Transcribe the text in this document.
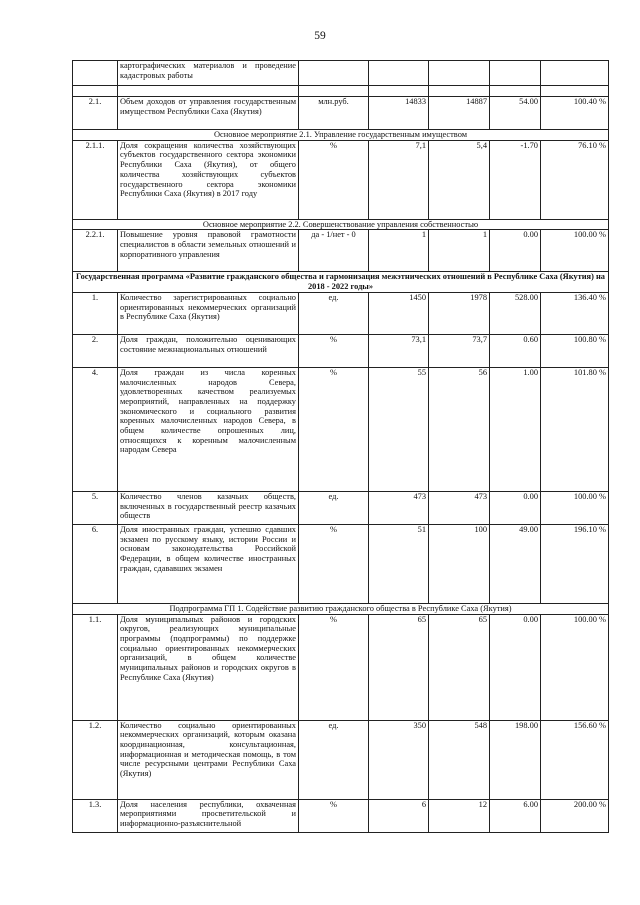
59
	картографических материалов и проведение кадастровых работы					

2.1.	Объем доходов от управления государственным имуществом Республики Саха (Якутия)	млн.руб.	14833	14887	54.00	100.40 %
Основное мероприятие 2.1. Управление государственным имуществом						
2.1.1.	Доля сокращения количества хозяйствующих субъектов государственного сектора экономики Республики Саха (Якутия), от общего количества хозяйствующих субъектов государственного сектора экономики Республики Саха (Якутия) в 2017 году	%	7,1	5,4	-1.70	76.10 %
Основное мероприятие 2.2. Совершенствование управления собственностью						
2.2.1.	Повышение уровня правовой грамотности специалистов в области земельных отношений и корпоративного управления	да - 1/нет - 0	1	1	0.00	100.00 %
Государственная программа «Развитие гражданского общества и гармонизация межэтнических отношений в Республике Саха (Якутия) на 2018 - 2022 годы»						
1.	Количество зарегистрированных социально ориентированных некоммерческих организаций в Республике Саха (Якутия)	ед.	1450	1978	528.00	136.40 %
2.	Доля граждан, положительно оценивающих состояние межнациональных отношений	%	73,1	73,7	0.60	100.80 %
4.	Доля граждан из числа коренных малочисленных народов Севера, удовлетворенных качеством реализуемых мероприятий, направленных на поддержку экономического и социального развития коренных малочисленных народов Севера, в общем количестве опрошенных лиц, относящихся к коренным малочисленным народам Севера	%	55	56	1.00	101.80 %
5.	Количество членов казачьих обществ, включенных в государственный реестр казачьих обществ	ед.	473	473	0.00	100.00 %
6.	Доля иностранных граждан, успешно сдавших экзамен по русскому языку, истории России и основам законодательства Российской Федерации, в общем количестве иностранных граждан, сдававших экзамен	%	51	100	49.00	196.10 %
Подпрограмма ГП 1. Содействие развитию гражданского общества в Республике Саха (Якутия)						
1.1.	Доля муниципальных районов и городских округов, реализующих муниципальные программы (подпрограммы) по поддержке социально ориентированных некоммерческих организаций, в общем количестве муниципальных районов и городских округов в Республике Саха (Якутия)	%	65	65	0.00	100.00 %
1.2.	Количество социально ориентированных некоммерческих организаций, которым оказана координационная, консультационная, информационная и методическая помощь, в том числе ресурсными центрами Республики Саха (Якутия)	ед.	350	548	198.00	156.60 %
1.3.	Доля населения республики, охваченная мероприятиями просветительской и информационно-разъяснительной	%	6	12	6.00	200.00 %
